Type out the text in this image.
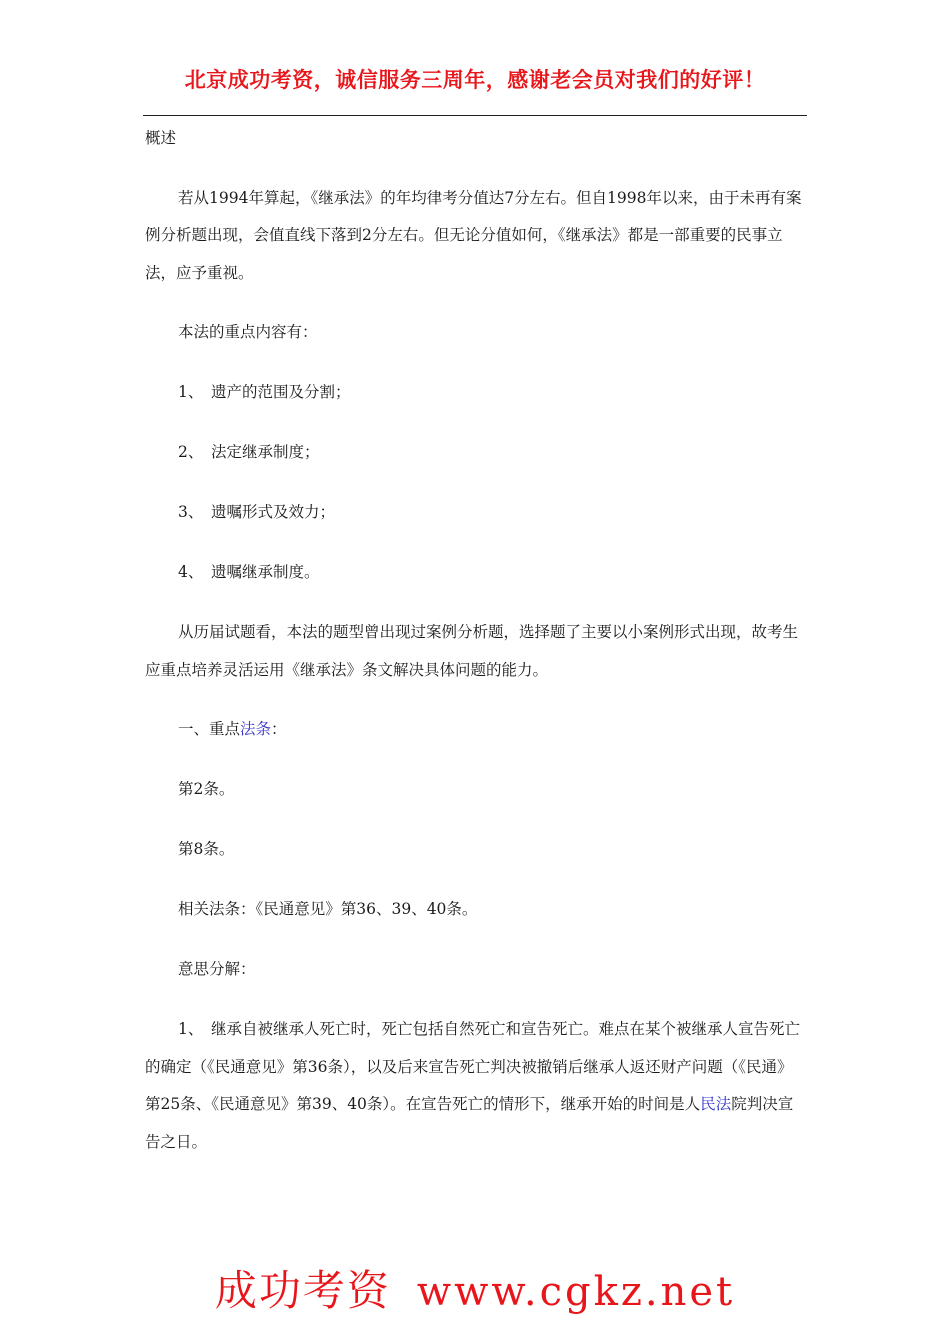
北京成功考资，诚信服务三周年，感谢老会员对我们的好评！

概述

若从1994年算起，《继承法》的年均律考分值达7分左右。但自1998年以来，由于未再有案例分析题出现，会值直线下落到2分左右。但无论分值如何，《继承法》都是一部重要的民事立法，应予重视。

本法的重点内容有：

1、 遗产的范围及分割；

2、 法定继承制度；

3、 遗嘱形式及效力；

4、 遗嘱继承制度。

从历届试题看，本法的题型曾出现过案例分析题，选择题了主要以小案例形式出现，故考生应重点培养灵活运用《继承法》条文解决具体问题的能力。

一、重点法条：

第2条。

第8条。

相关法条：《民通意见》第36、39、40条。

意思分解：

1、 继承自被继承人死亡时，死亡包括自然死亡和宣告死亡。难点在某个被继承人宣告死亡的确定（《民通意见》第36条），以及后来宣告死亡判决被撤销后继承人返还财产问题（《民通》第25条、《民通意见》第39、40条）。在宣告死亡的情形下，继承开始的时间是人民法院判决宣告之日。

成功考资 www.cgkz.net
